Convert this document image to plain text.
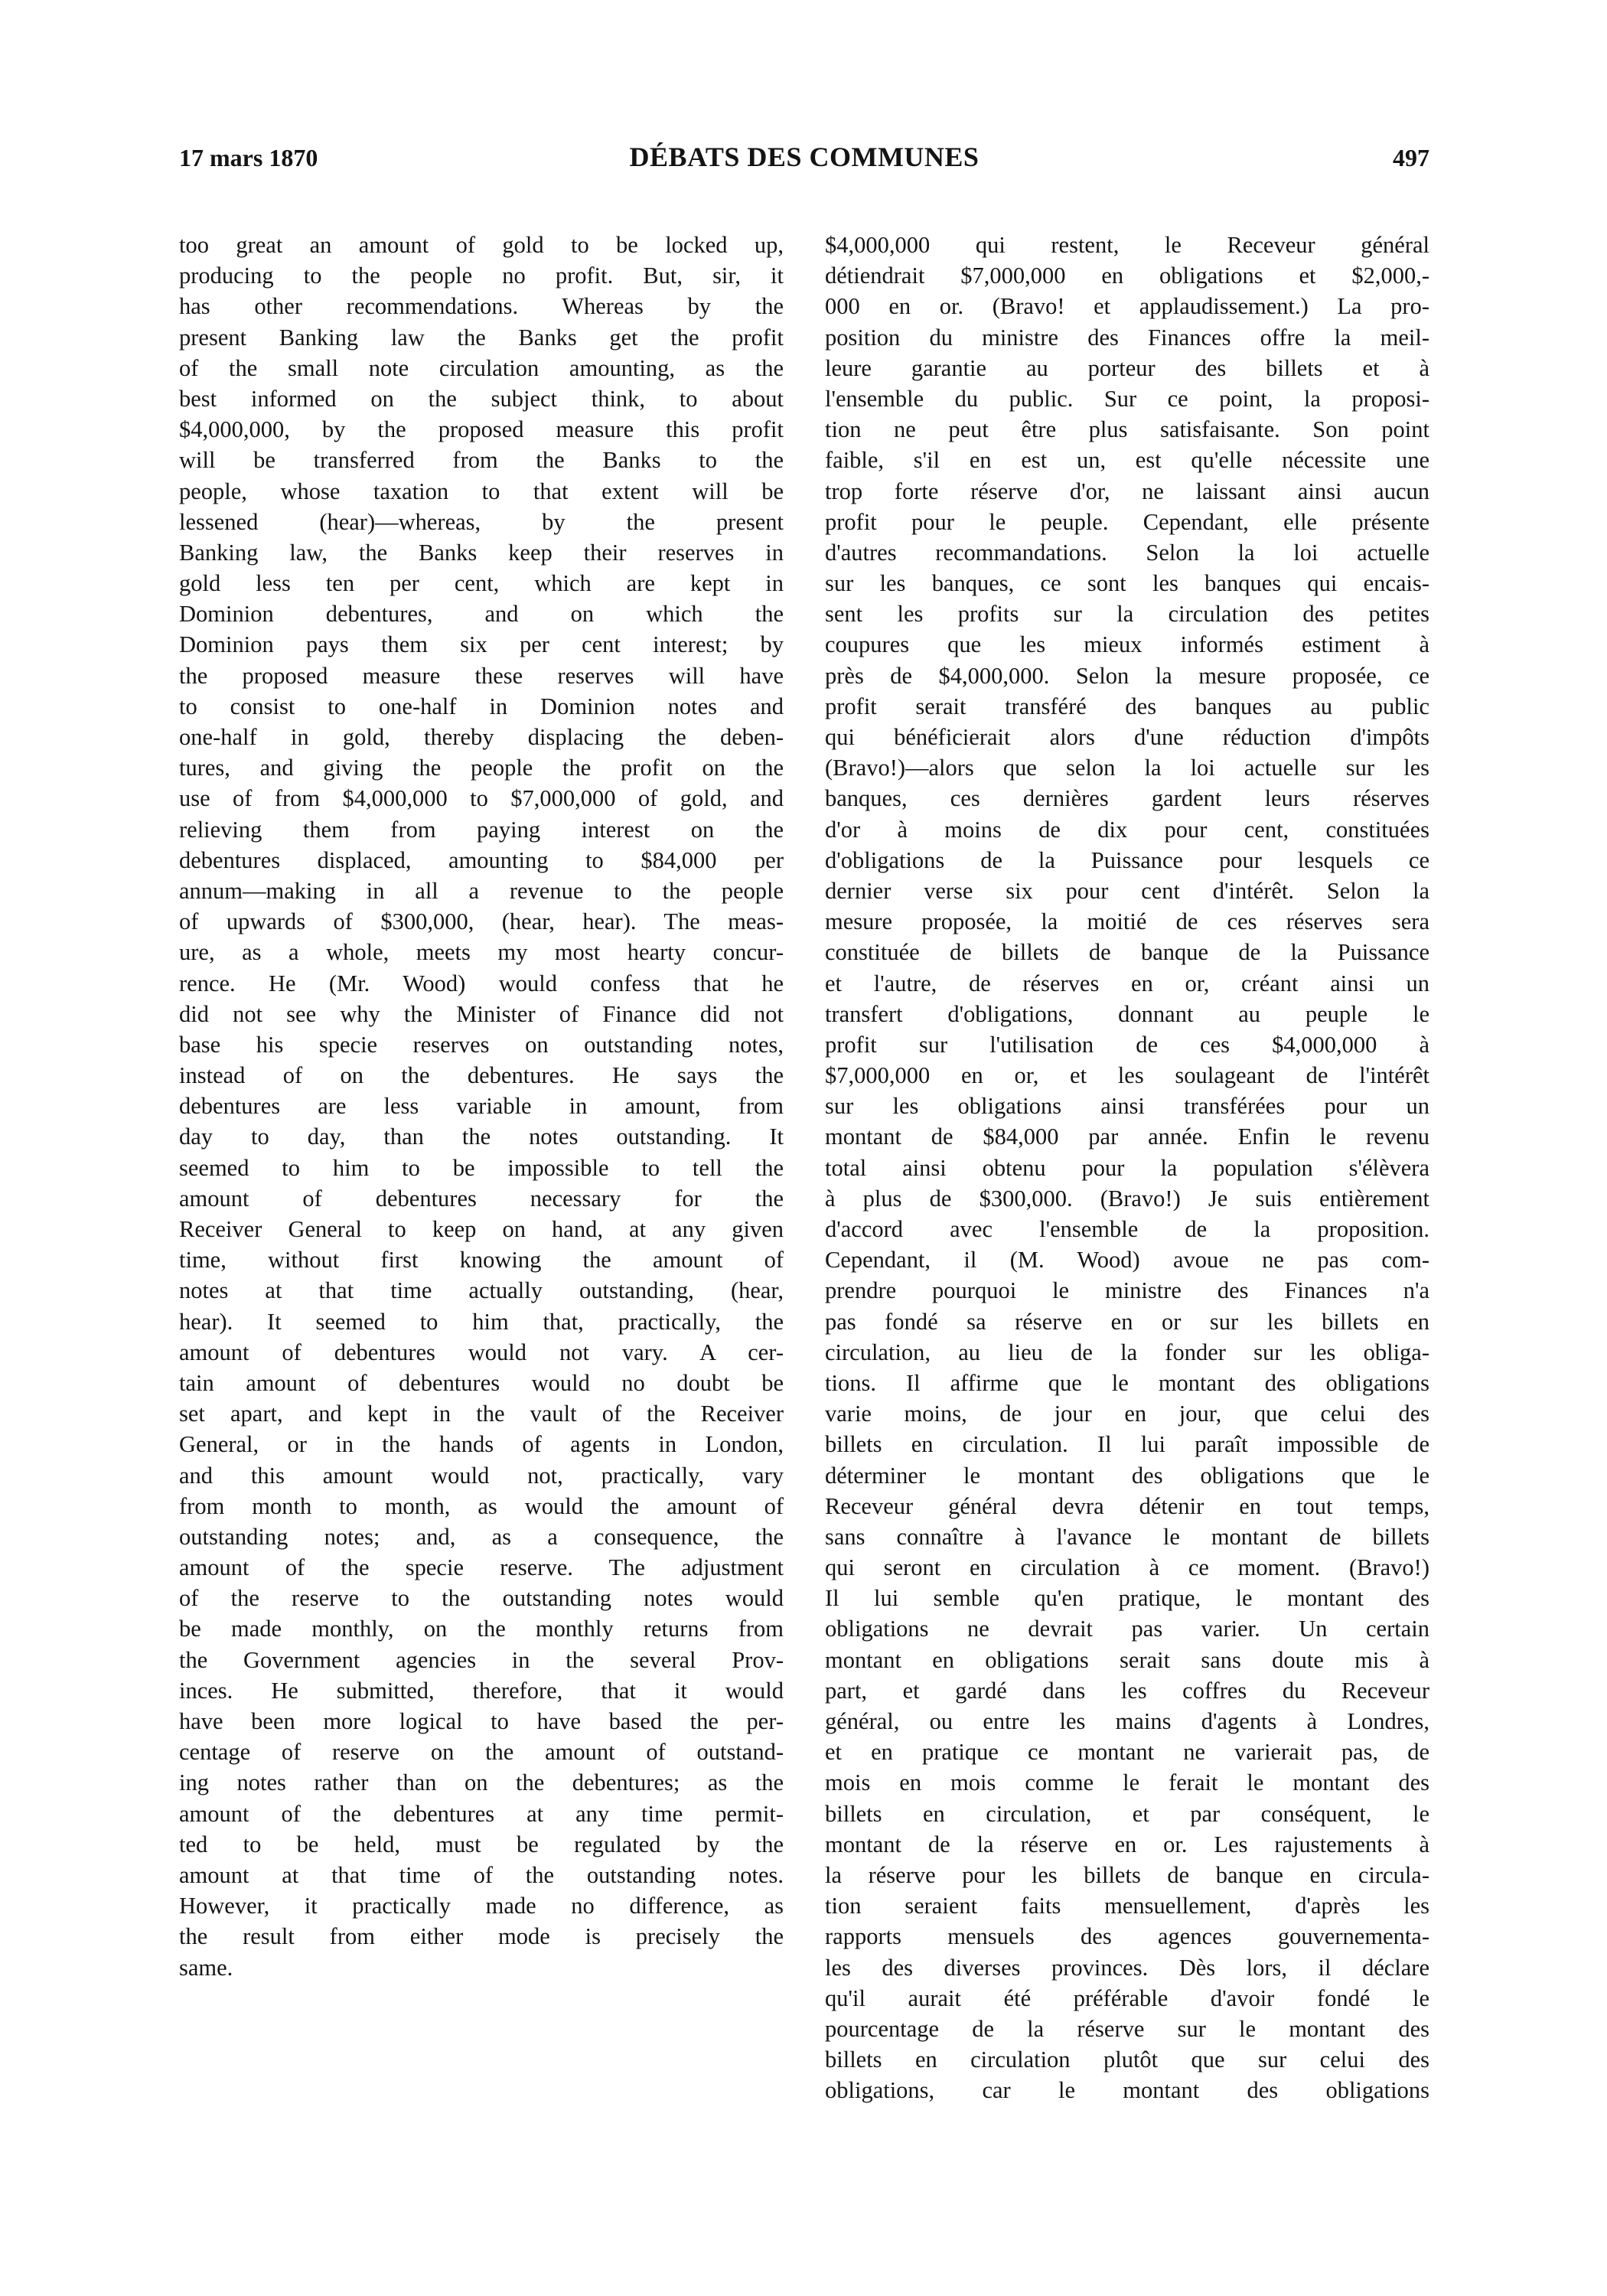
17 mars 1870	DÉBATS DES COMMUNES	497
too great an amount of gold to be locked up,
producing to the people no profit. But, sir, it
has other recommendations. Whereas by the
present Banking law the Banks get the profit
of the small note circulation amounting, as the
best informed on the subject think, to about
$4,000,000, by the proposed measure this profit
will be transferred from the Banks to the
people, whose taxation to that extent will be
lessened (hear)—whereas, by the present
Banking law, the Banks keep their reserves in
gold less ten per cent, which are kept in
Dominion debentures, and on which the
Dominion pays them six per cent interest; by
the proposed measure these reserves will have
to consist to one-half in Dominion notes and
one-half in gold, thereby displacing the deben-
tures, and giving the people the profit on the
use of from $4,000,000 to $7,000,000 of gold, and
relieving them from paying interest on the
debentures displaced, amounting to $84,000 per
annum—making in all a revenue to the people
of upwards of $300,000, (hear, hear). The meas-
ure, as a whole, meets my most hearty concur-
rence. He (Mr. Wood) would confess that he
did not see why the Minister of Finance did not
base his specie reserves on outstanding notes,
instead of on the debentures. He says the
debentures are less variable in amount, from
day to day, than the notes outstanding. It
seemed to him to be impossible to tell the
amount of debentures necessary for the
Receiver General to keep on hand, at any given
time, without first knowing the amount of
notes at that time actually outstanding, (hear,
hear). It seemed to him that, practically, the
amount of debentures would not vary. A cer-
tain amount of debentures would no doubt be
set apart, and kept in the vault of the Receiver
General, or in the hands of agents in London,
and this amount would not, practically, vary
from month to month, as would the amount of
outstanding notes; and, as a consequence, the
amount of the specie reserve. The adjustment
of the reserve to the outstanding notes would
be made monthly, on the monthly returns from
the Government agencies in the several Prov-
inces. He submitted, therefore, that it would
have been more logical to have based the per-
centage of reserve on the amount of outstand-
ing notes rather than on the debentures; as the
amount of the debentures at any time permit-
ted to be held, must be regulated by the
amount at that time of the outstanding notes.
However, it practically made no difference, as
the result from either mode is precisely the
same.
$4,000,000 qui restent, le Receveur général
détiendrait $7,000,000 en obligations et $2,000,-
000 en or. (Bravo! et applaudissement.) La pro-
position du ministre des Finances offre la meil-
leure garantie au porteur des billets et à
l'ensemble du public. Sur ce point, la proposi-
tion ne peut être plus satisfaisante. Son point
faible, s'il en est un, est qu'elle nécessite une
trop forte réserve d'or, ne laissant ainsi aucun
profit pour le peuple. Cependant, elle présente
d'autres recommandations. Selon la loi actuelle
sur les banques, ce sont les banques qui encais-
sent les profits sur la circulation des petites
coupures que les mieux informés estiment à
près de $4,000,000. Selon la mesure proposée, ce
profit serait transféré des banques au public
qui bénéficierait alors d'une réduction d'impôts
(Bravo!)—alors que selon la loi actuelle sur les
banques, ces dernières gardent leurs réserves
d'or à moins de dix pour cent, constituées
d'obligations de la Puissance pour lesquels ce
dernier verse six pour cent d'intérêt. Selon la
mesure proposée, la moitié de ces réserves sera
constituée de billets de banque de la Puissance
et l'autre, de réserves en or, créant ainsi un
transfert d'obligations, donnant au peuple le
profit sur l'utilisation de ces $4,000,000 à
$7,000,000 en or, et les soulageant de l'intérêt
sur les obligations ainsi transférées pour un
montant de $84,000 par année. Enfin le revenu
total ainsi obtenu pour la population s'élèvera
à plus de $300,000. (Bravo!) Je suis entièrement
d'accord avec l'ensemble de la proposition.
Cependant, il (M. Wood) avoue ne pas com-
prendre pourquoi le ministre des Finances n'a
pas fondé sa réserve en or sur les billets en
circulation, au lieu de la fonder sur les obliga-
tions. Il affirme que le montant des obligations
varie moins, de jour en jour, que celui des
billets en circulation. Il lui paraît impossible de
déterminer le montant des obligations que le
Receveur général devra détenir en tout temps,
sans connaître à l'avance le montant de billets
qui seront en circulation à ce moment. (Bravo!)
Il lui semble qu'en pratique, le montant des
obligations ne devrait pas varier. Un certain
montant en obligations serait sans doute mis à
part, et gardé dans les coffres du Receveur
général, ou entre les mains d'agents à Londres,
et en pratique ce montant ne varierait pas, de
mois en mois comme le ferait le montant des
billets en circulation, et par conséquent, le
montant de la réserve en or. Les rajustements à
la réserve pour les billets de banque en circula-
tion seraient faits mensuellement, d'après les
rapports mensuels des agences gouvernementa-
les des diverses provinces. Dès lors, il déclare
qu'il aurait été préférable d'avoir fondé le
pourcentage de la réserve sur le montant des
billets en circulation plutôt que sur celui des
obligations, car le montant des obligations
